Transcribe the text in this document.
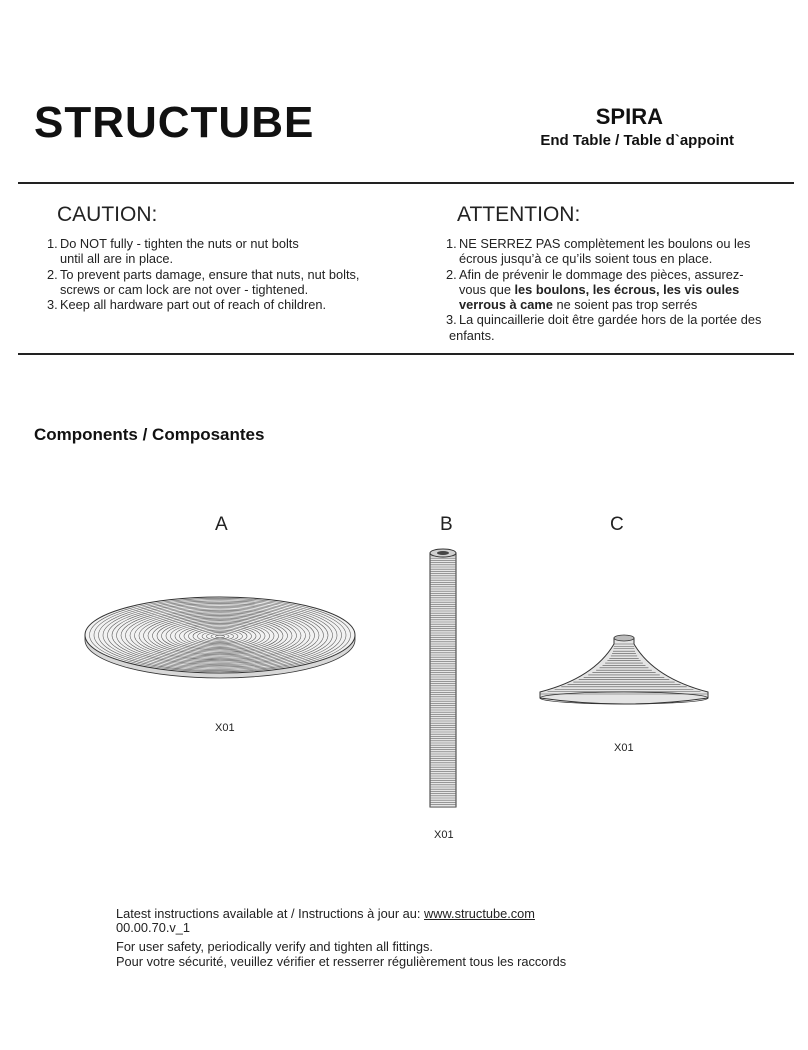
STRUCTUBE	SPIRA
End Table / Table d`appoint
CAUTION:
1. Do NOT fully - tighten the nuts or nut bolts
until all are in place.
2. To prevent parts damage, ensure that nuts, nut bolts,
screws or cam lock are not over - tightened.
3. Keep all hardware part out of reach of children.
ATTENTION:
1. NE SERREZ PAS complètement les boulons ou les
écrous jusqu’à ce qu’ils soient tous en place.
2. Afin de prévenir le dommage des pièces, assurez-
vous que les boulons, les écrous, les vis oules
verrous à came ne soient pas trop serrés
3. La quincaillerie doit être gardée hors de la portée des
enfants.
Components / Composantes
A	B	C
X01
X01
X01
Latest instructions available at / Instructions à jour au: www.structube.com
00.00.70.v_1
For user safety, periodically verify and tighten all fittings.
Pour votre sécurité, veuillez vérifier et resserrer régulièrement tous les raccords
